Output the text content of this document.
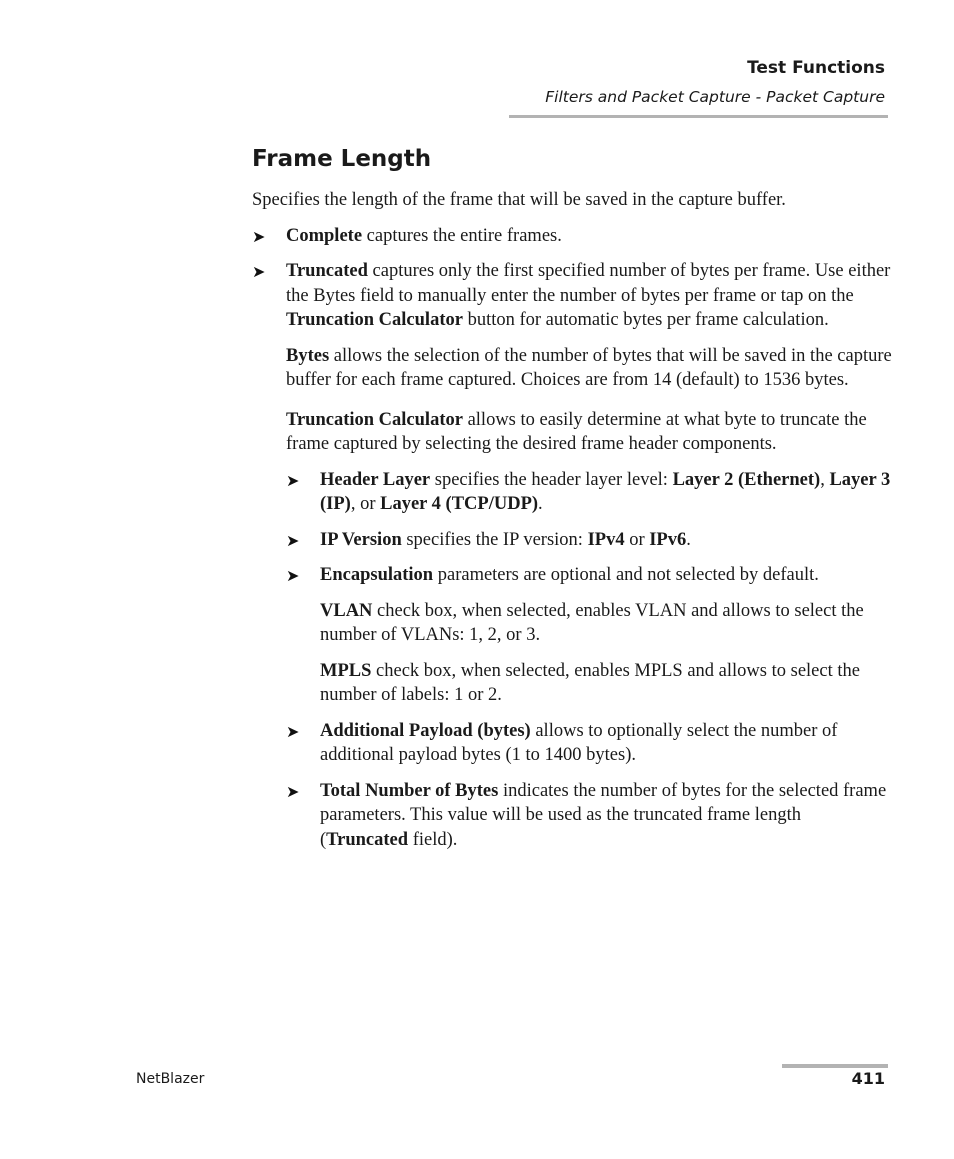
Test Functions
Filters and Packet Capture - Packet Capture
Frame Length

Specifies the length of the frame that will be saved in the capture buffer.

➤ Complete captures the entire frames.

➤ Truncated captures only the first specified number of bytes per frame. Use either the Bytes field to manually enter the number of bytes per frame or tap on the Truncation Calculator button for automatic bytes per frame calculation.

Bytes allows the selection of the number of bytes that will be saved in the capture buffer for each frame captured. Choices are from 14 (default) to 1536 bytes.

Truncation Calculator allows to easily determine at what byte to truncate the frame captured by selecting the desired frame header components.

➤ Header Layer specifies the header layer level: Layer 2 (Ethernet), Layer 3 (IP), or Layer 4 (TCP/UDP).

➤ IP Version specifies the IP version: IPv4 or IPv6.

➤ Encapsulation parameters are optional and not selected by default.

VLAN check box, when selected, enables VLAN and allows to select the number of VLANs: 1, 2, or 3.

MPLS check box, when selected, enables MPLS and allows to select the number of labels: 1 or 2.

➤ Additional Payload (bytes) allows to optionally select the number of additional payload bytes (1 to 1400 bytes).

➤ Total Number of Bytes indicates the number of bytes for the selected frame parameters. This value will be used as the truncated frame length (Truncated field).

NetBlazer	411
